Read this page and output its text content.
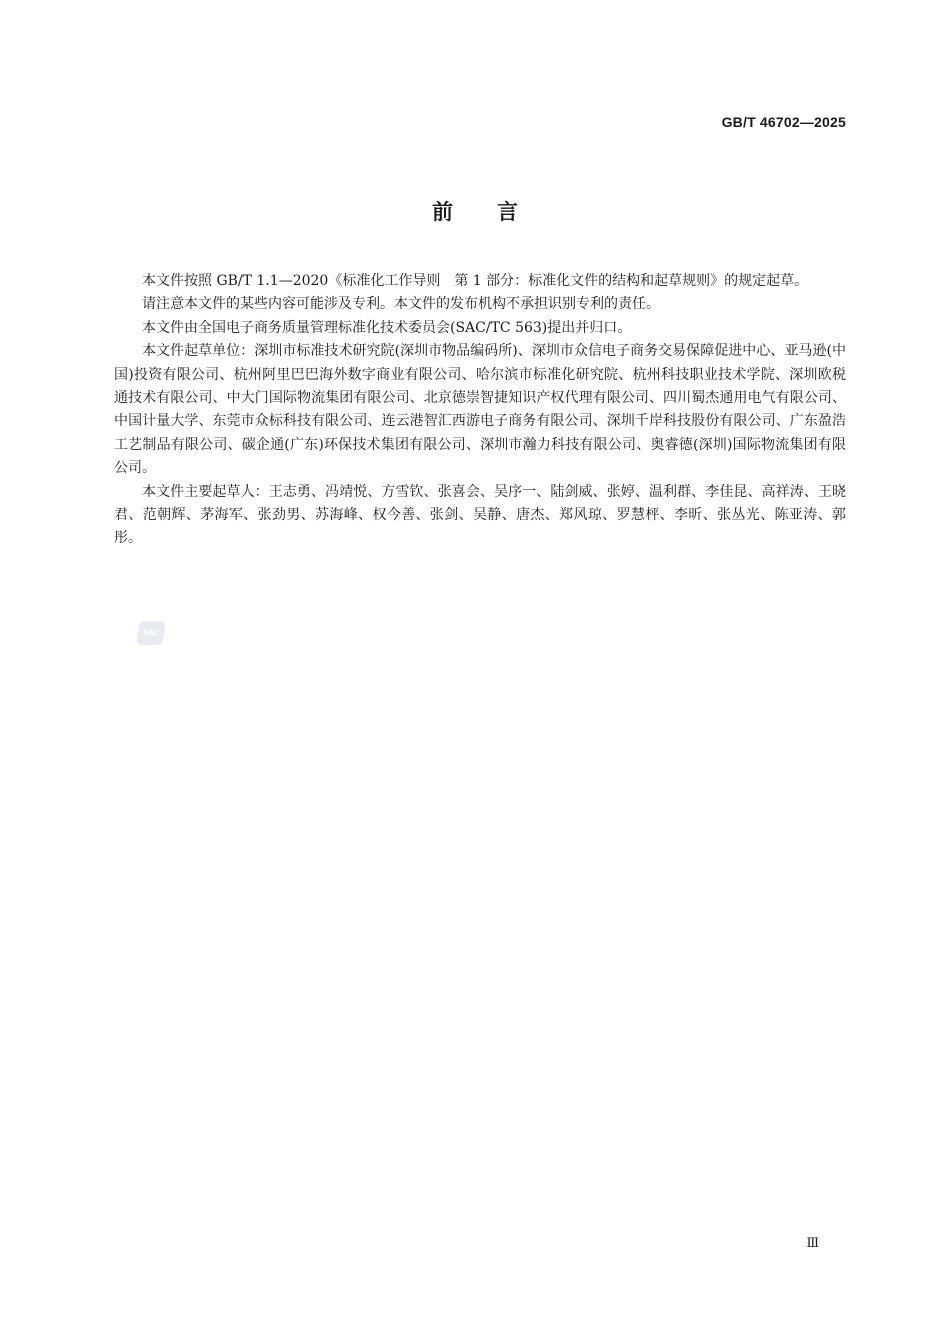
GB/T 46702—2025
前言

本文件按照 GB/T 1.1—2020《标准化工作导则　第 1 部分：标准化文件的结构和起草规则》的规定起草。

请注意本文件的某些内容可能涉及专利。本文件的发布机构不承担识别专利的责任。

本文件由全国电子商务质量管理标准化技术委员会(SAC/TC 563)提出并归口。

本文件起草单位：深圳市标准技术研究院(深圳市物品编码所)、深圳市众信电子商务交易保障促进中心、亚马逊(中国)投资有限公司、杭州阿里巴巴海外数字商业有限公司、哈尔滨市标准化研究院、杭州科技职业技术学院、深圳欧税通技术有限公司、中大门国际物流集团有限公司、北京德崇智捷知识产权代理有限公司、四川蜀杰通用电气有限公司、中国计量大学、东莞市众标科技有限公司、连云港智汇西游电子商务有限公司、深圳千岸科技股份有限公司、广东盈浩工艺制品有限公司、碳企通(广东)环保技术集团有限公司、深圳市瀚力科技有限公司、奥睿德(深圳)国际物流集团有限公司。

本文件主要起草人：王志勇、冯靖悦、方雪钦、张喜会、吴序一、陆剑威、张婷、温利群、李佳昆、高祥涛、王晓君、范朝辉、茅海军、张劲男、苏海峰、权今善、张剑、吴静、唐杰、郑风琼、罗慧枰、李昕、张丛光、陈亚涛、郭彤。

SAC
Ⅲ
